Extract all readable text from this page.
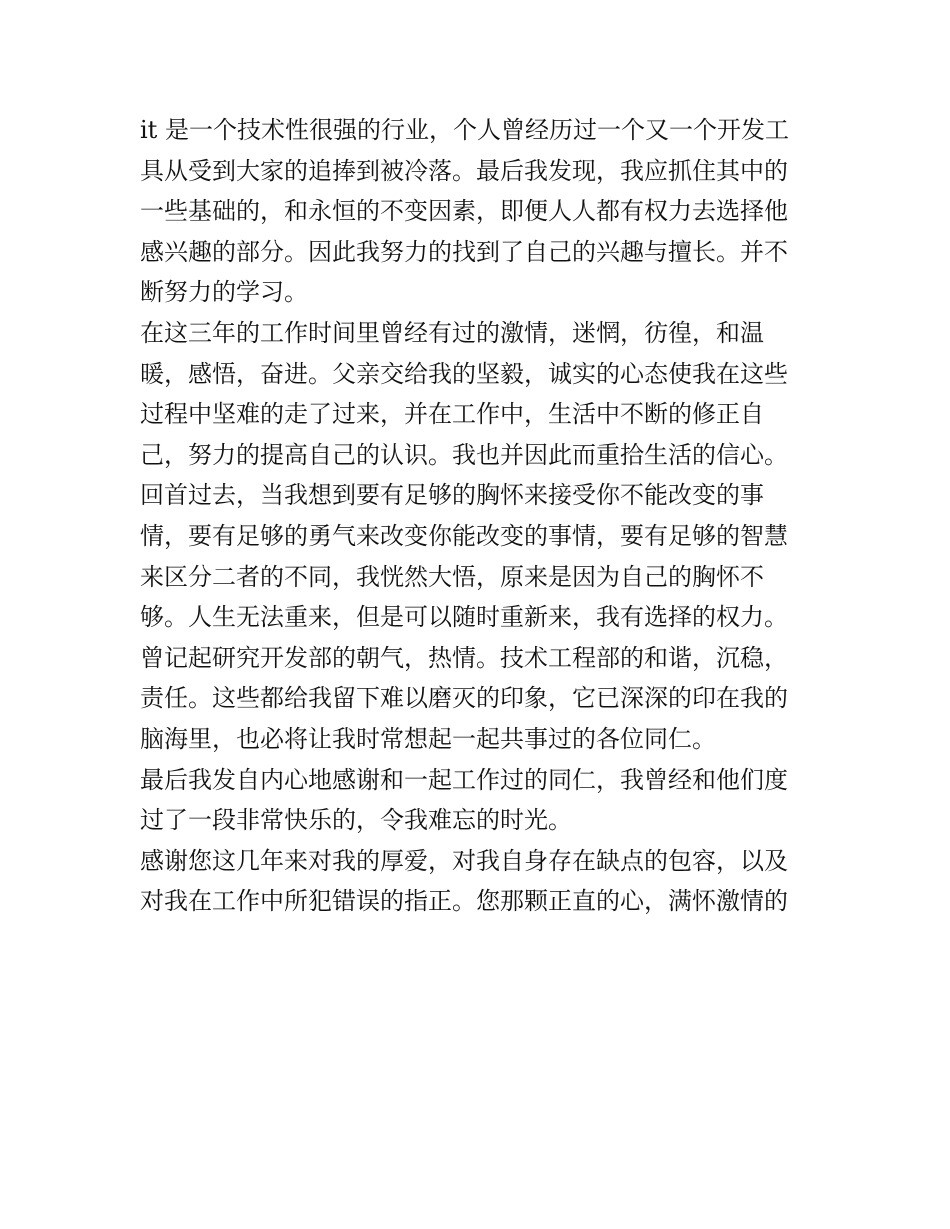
it 是一个技术性很强的行业，个人曾经历过一个又一个开发工
具从受到大家的追捧到被冷落。最后我发现，我应抓住其中的
一些基础的，和永恒的不变因素，即便人人都有权力去选择他
感兴趣的部分。因此我努力的找到了自己的兴趣与擅长。并不
断努力的学习。

在这三年的工作时间里曾经有过的激情，迷惘，彷徨，和温
暖，感悟，奋进。父亲交给我的坚毅，诚实的心态使我在这些
过程中坚难的走了过来，并在工作中，生活中不断的修正自
己，努力的提高自己的认识。我也并因此而重拾生活的信心。

回首过去，当我想到要有足够的胸怀来接受你不能改变的事
情，要有足够的勇气来改变你能改变的事情，要有足够的智慧
来区分二者的不同，我恍然大悟，原来是因为自己的胸怀不
够。人生无法重来，但是可以随时重新来，我有选择的权力。

曾记起研究开发部的朝气，热情。技术工程部的和谐，沉稳，
责任。这些都给我留下难以磨灭的印象，它已深深的印在我的
脑海里，也必将让我时常想起一起共事过的各位同仁。

最后我发自内心地感谢和一起工作过的同仁，我曾经和他们度
过了一段非常快乐的，令我难忘的时光。

感谢您这几年来对我的厚爱，对我自身存在缺点的包容，以及
对我在工作中所犯错误的指正。您那颗正直的心，满怀激情的
